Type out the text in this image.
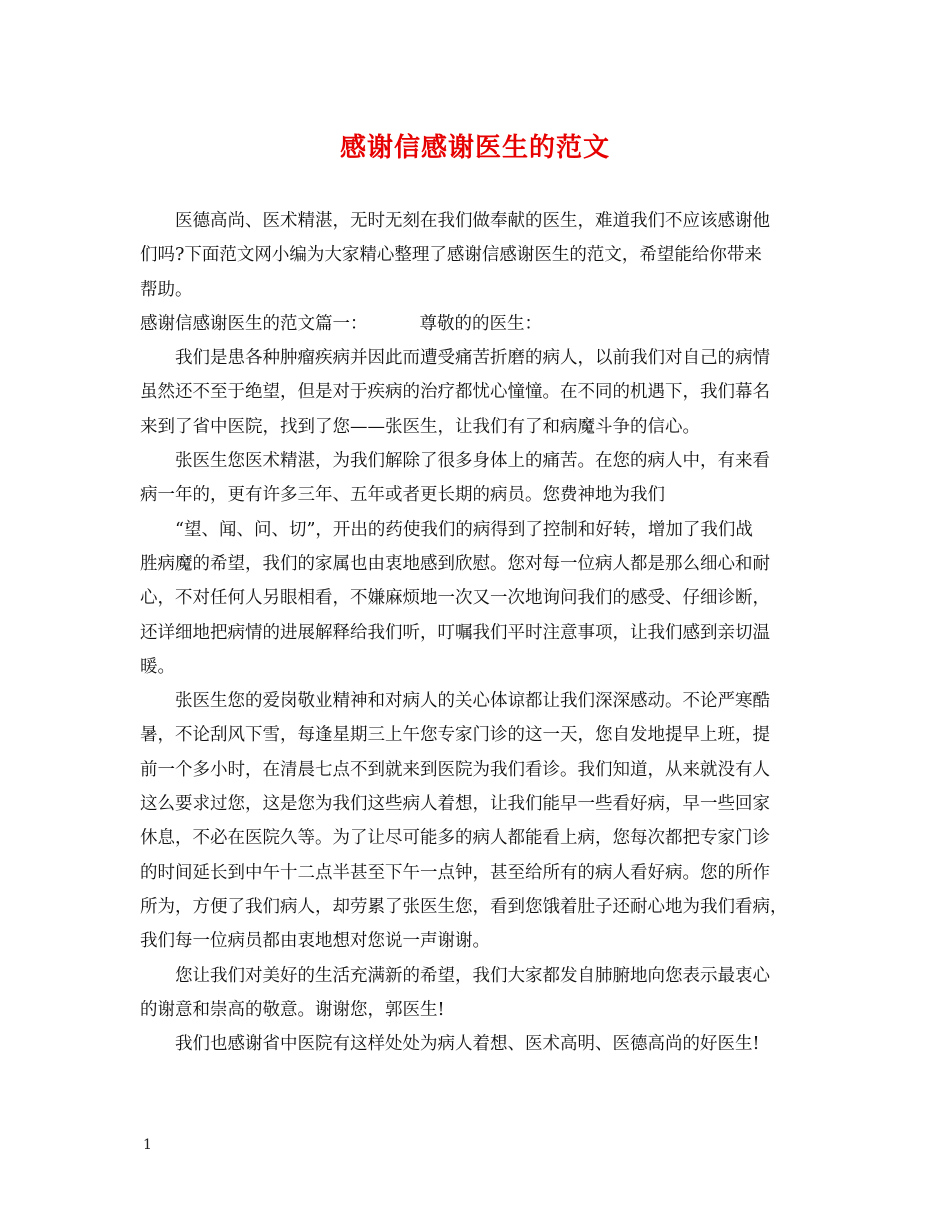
感谢信感谢医生的范文

医德高尚、医术精湛，无时无刻在我们做奉献的医生，难道我们不应该感谢他
们吗?下面范文网小编为大家精心整理了感谢信感谢医生的范文，希望能给你带来
帮助。

感谢信感谢医生的范文篇一：	尊敬的的医生：

我们是患各种肿瘤疾病并因此而遭受痛苦折磨的病人，以前我们对自己的病情
虽然还不至于绝望，但是对于疾病的治疗都忧心憧憧。在不同的机遇下，我们幕名
来到了省中医院，找到了您——张医生，让我们有了和病魔斗争的信心。

张医生您医术精湛，为我们解除了很多身体上的痛苦。在您的病人中，有来看
病一年的，更有许多三年、五年或者更长期的病员。您费神地为我们

“望、闻、问、切”，开出的药使我们的病得到了控制和好转，增加了我们战
胜病魔的希望，我们的家属也由衷地感到欣慰。您对每一位病人都是那么细心和耐
心，不对任何人另眼相看，不嫌麻烦地一次又一次地询问我们的感受、仔细诊断，
还详细地把病情的进展解释给我们听，叮嘱我们平时注意事项，让我们感到亲切温
暖。

张医生您的爱岗敬业精神和对病人的关心体谅都让我们深深感动。不论严寒酷
暑，不论刮风下雪，每逢星期三上午您专家门诊的这一天，您自发地提早上班，提
前一个多小时，在清晨七点不到就来到医院为我们看诊。我们知道，从来就没有人
这么要求过您，这是您为我们这些病人着想，让我们能早一些看好病，早一些回家
休息，不必在医院久等。为了让尽可能多的病人都能看上病，您每次都把专家门诊
的时间延长到中午十二点半甚至下午一点钟，甚至给所有的病人看好病。您的所作
所为，方便了我们病人，却劳累了张医生您，看到您饿着肚子还耐心地为我们看病，
我们每一位病员都由衷地想对您说一声谢谢。

您让我们对美好的生活充满新的希望，我们大家都发自肺腑地向您表示最衷心
的谢意和崇高的敬意。谢谢您，郭医生!

我们也感谢省中医院有这样处处为病人着想、医术高明、医德高尚的好医生!

1
